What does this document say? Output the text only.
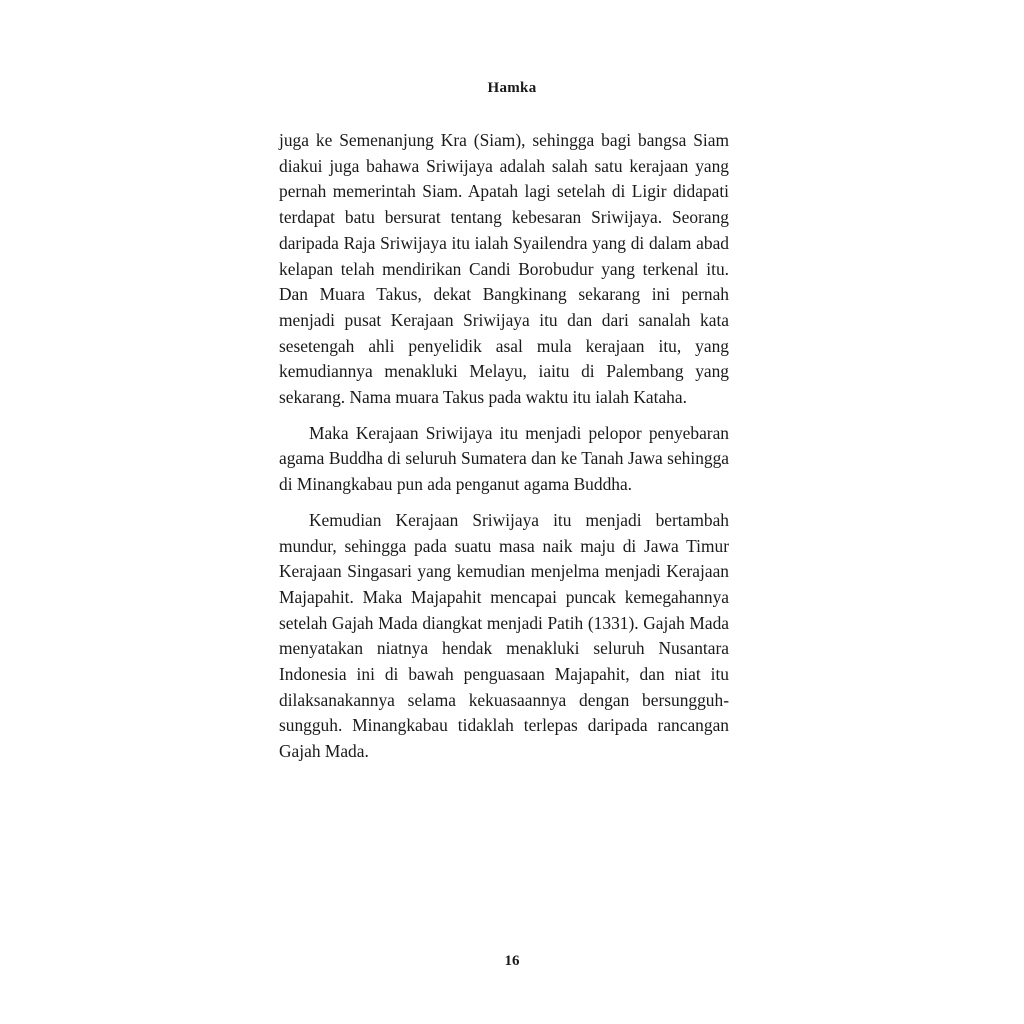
Hamka

juga ke Semenanjung Kra (Siam), sehingga bagi bangsa Siam diakui juga bahawa Sriwijaya adalah salah satu kerajaan yang pernah memerintah Siam. Apatah lagi setelah di Ligir didapati terdapat batu bersurat tentang kebesaran Sriwijaya. Seorang daripada Raja Sriwijaya itu ialah Syailendra yang di dalam abad kelapan telah mendirikan Candi Borobudur yang terkenal itu. Dan Muara Takus, dekat Bangkinang sekarang ini pernah menjadi pusat Kerajaan Sriwijaya itu dan dari sanalah kata sesetengah ahli penyelidik asal mula kerajaan itu, yang kemudiannya menakluki Melayu, iaitu di Palembang yang sekarang. Nama muara Takus pada waktu itu ialah Kataha.

Maka Kerajaan Sriwijaya itu menjadi pelopor penyebaran agama Buddha di seluruh Sumatera dan ke Tanah Jawa sehingga di Minangkabau pun ada penganut agama Buddha.

Kemudian Kerajaan Sriwijaya itu menjadi bertambah mundur, sehingga pada suatu masa naik maju di Jawa Timur Kerajaan Singasari yang kemudian menjelma menjadi Kerajaan Majapahit. Maka Majapahit mencapai puncak kemegahannya setelah Gajah Mada diangkat menjadi Patih (1331). Gajah Mada menyatakan niatnya hendak menakluki seluruh Nusantara Indonesia ini di bawah penguasaan Majapahit, dan niat itu dilaksanakannya selama kekuasaannya dengan bersungguh-sungguh. Minangkabau tidaklah terlepas daripada rancangan Gajah Mada.

16
